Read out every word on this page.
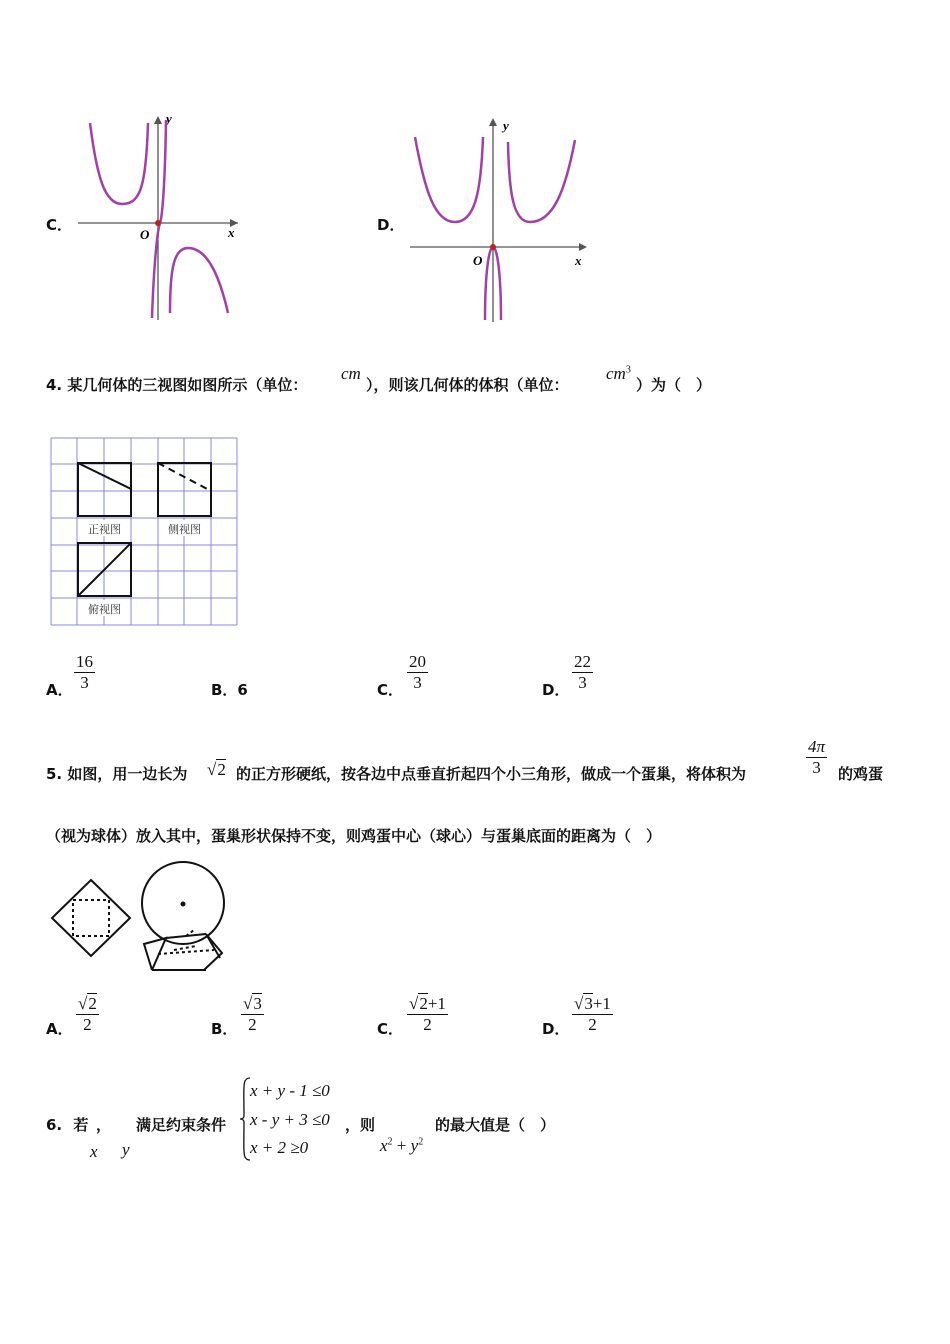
C．
y
x
O
D．
y
x
O
4. 某几何体的三视图如图所示（单位：
cm
），则该几何体的体积（单位：
$cm^3$
）为（　）
正视图	侧视图
俯视图
A． $\frac{16}{3}$	B．6	C． $\frac{20}{3}$	D． $\frac{22}{3}$
5. 如图，用一边长为 √2 的正方形硬纸，按各边中点垂直折起四个小三角形，做成一个蛋巢，将体积为	$\frac{4\pi}{3}$ 的鸡蛋
（视为球体）放入其中，蛋巢形状保持不变，则鸡蛋中心（球心）与蛋巢底面的距离为（　）
A． $\frac{√2}{2}$	B． $\frac{√3}{2}$	C． $\frac{√2+1}{2}$	D． $\frac{√3+1}{2}$
6. 若 ， 满足约束条件
x y
x + y - 1 ≤0
x - y + 3 ≤0
x + 2 ≥0
，则	的最大值是（　）
$x^2 + y^2$
